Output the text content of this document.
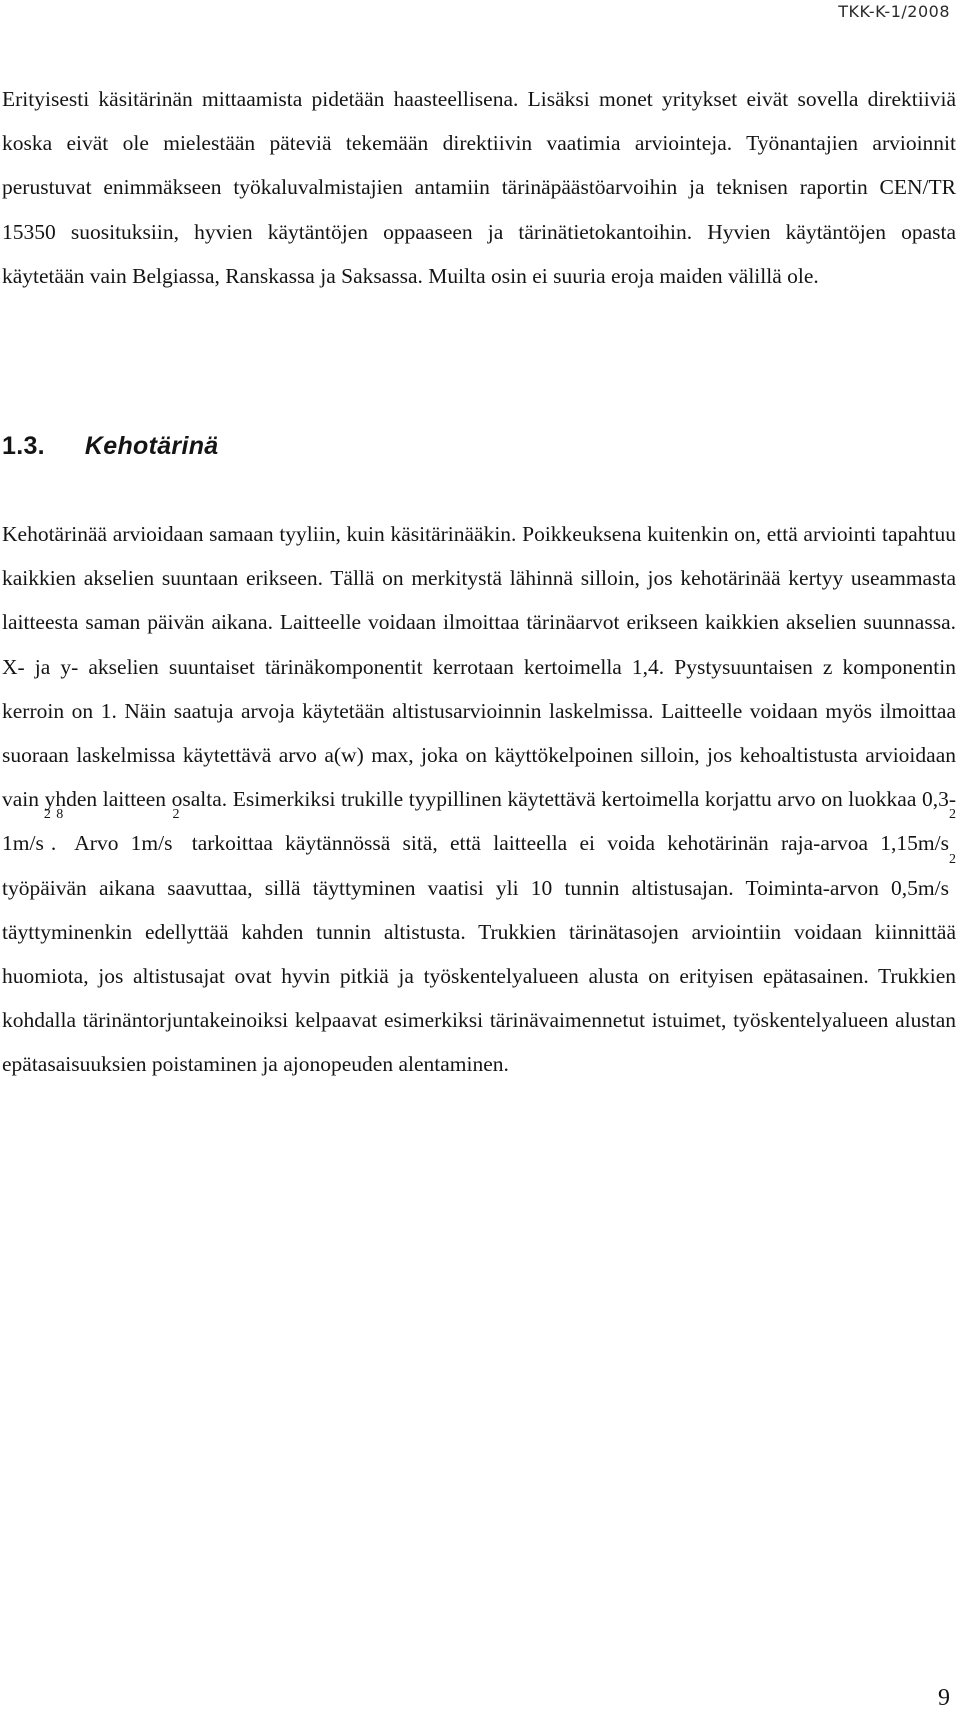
TKK-K-1/2008

Erityisesti käsitärinän mittaamista pidetään haasteellisena. Lisäksi monet yritykset eivät sovella direktiiviä koska eivät ole mielestään päteviä tekemään direktiivin vaatimia arviointeja. Työnantajien arvioinnit perustuvat enimmäkseen työkaluvalmistajien antamiin tärinäpäästöarvoihin ja teknisen raportin CEN/TR 15350 suosituksiin, hyvien käytäntöjen oppaaseen ja tärinätietokantoihin. Hyvien käytäntöjen opasta käytetään vain Belgiassa, Ranskassa ja Saksassa. Muilta osin ei suuria eroja maiden välillä ole.

1.3. Kehotärinä

Kehotärinää arvioidaan samaan tyyliin, kuin käsitärinääkin. Poikkeuksena kuitenkin on, että arviointi tapahtuu kaikkien akselien suuntaan erikseen. Tällä on merkitystä lähinnä silloin, jos kehotärinää kertyy useammasta laitteesta saman päivän aikana. Laitteelle voidaan ilmoittaa tärinäarvot erikseen kaikkien akselien suunnassa. X- ja y- akselien suuntaiset tärinäkomponentit kerrotaan kertoimella 1,4. Pystysuuntaisen z komponentin kerroin on 1. Näin saatuja arvoja käytetään altistusarvioinnin laskelmissa. Laitteelle voidaan myös ilmoittaa suoraan laskelmissa käytettävä arvo a(w) max, joka on käyttökelpoinen silloin, jos kehoaltistusta arvioidaan vain yhden laitteen osalta. Esimerkiksi trukille tyypillinen käytettävä kertoimella korjattu arvo on luokkaa $0,3-1m/s^2.^8$ Arvo $1m/s^2$ tarkoittaa käytännössä sitä, että laitteella ei voida kehotärinän raja-arvoa $1,15m/s^2$ työpäivän aikana saavuttaa, sillä täyttyminen vaatisi yli 10 tunnin altistusajan. Toiminta-arvon $0,5m/s^2$ täyttyminenkin edellyttää kahden tunnin altistusta. Trukkien tärinätasojen arviointiin voidaan kiinnittää huomiota, jos altistusajat ovat hyvin pitkiä ja työskentelyalueen alusta on erityisen epätasainen. Trukkien kohdalla tärinäntorjuntakeinoiksi kelpaavat esimerkiksi tärinävaimennetut istuimet, työskentelyalueen alustan epätasaisuuksien poistaminen ja ajonopeuden alentaminen.

9
